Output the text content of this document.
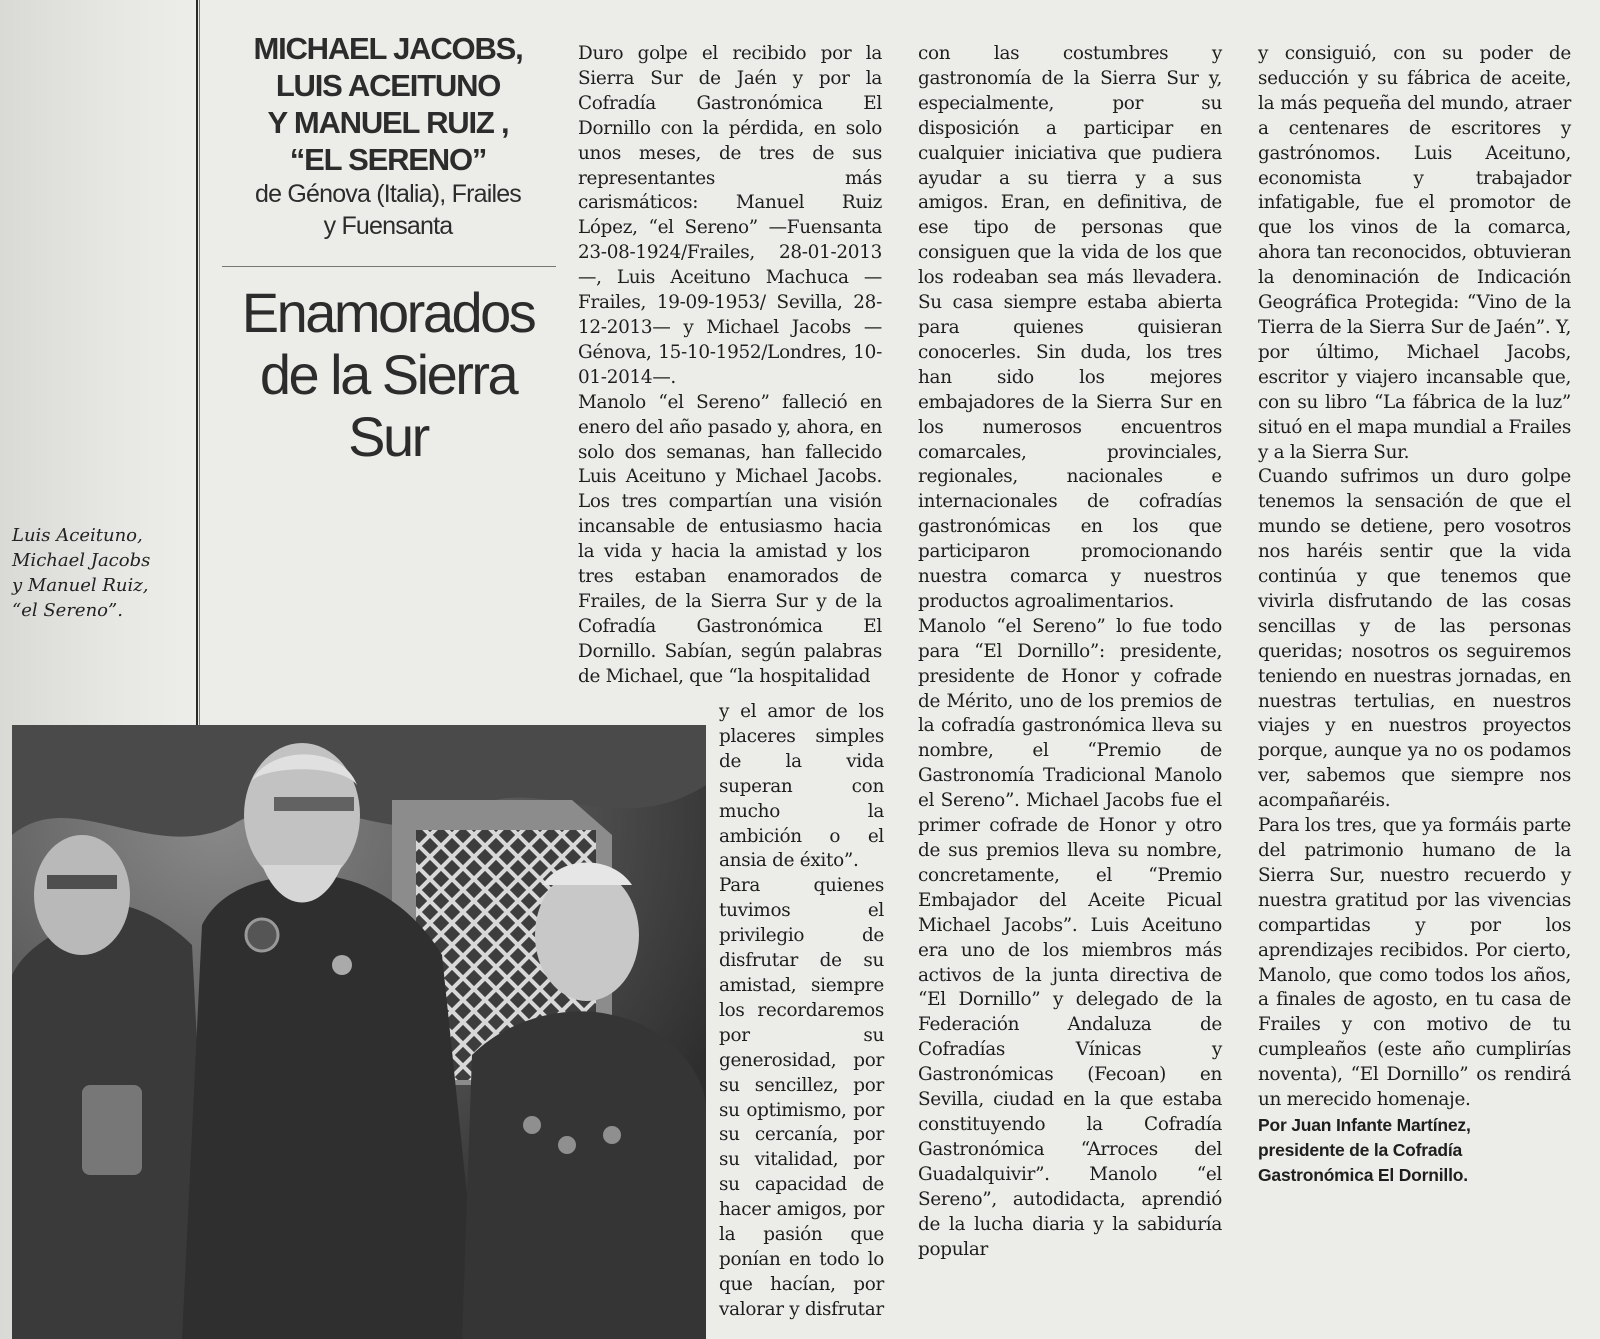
MICHAEL JACOBS,
LUIS ACEITUNO
Y MANUEL RUIZ ,
“EL SERENO”
de Génova (Italia), Frailes
y Fuensanta
Enamorados
de la Sierra
Sur
Luis Aceituno,
Michael Jacobs
y Manuel Ruiz,
“el Sereno”.

Duro golpe el recibido por la Sierra Sur de Jaén y por la Cofradía Gastronómica El Dornillo con la pérdida, en solo unos meses, de tres de sus representantes más carismáticos: Manuel Ruiz López, “el Sereno” —Fuensanta 23-08-1924/Frailes, 28-01-2013—, Luis Aceituno Machuca —Frailes, 19-09-1953/ Sevilla, 28-12-2013— y Michael Jacobs —Génova, 15-10-1952/Londres, 10-01-2014—.

Manolo “el Sereno” falleció en enero del año pasado y, ahora, en solo dos semanas, han fallecido Luis Aceituno y Michael Jacobs. Los tres compartían una visión incansable de entusiasmo hacia la vida y hacia la amistad y los tres estaban enamorados de Frailes, de la Sierra Sur y de la Cofradía Gastronómica El Dornillo. Sabían, según palabras de Michael, que “la hospitalidad

y el amor de los placeres simples de la vida superan con mucho la ambición o el ansia de éxito”.

Para quienes tuvimos el privilegio de disfrutar de su amistad, siempre los recordaremos por su generosidad, por su sencillez, por su optimismo, por su cercanía, por su vitalidad, por su capacidad de hacer amigos, por la pasión que ponían en todo lo que hacían, por valorar y disfrutar

con las costumbres y gastronomía de la Sierra Sur y, especialmente, por su disposición a participar en cualquier iniciativa que pudiera ayudar a su tierra y a sus amigos. Eran, en definitiva, de ese tipo de personas que consiguen que la vida de los que los rodeaban sea más llevadera. Su casa siempre estaba abierta para quienes quisieran conocerles. Sin duda, los tres han sido los mejores embajadores de la Sierra Sur en los numerosos encuentros comarcales, provinciales, regionales, nacionales e internacionales de cofradías gastronómicas en los que participaron promocionando nuestra comarca y nuestros productos agroalimentarios.

Manolo “el Sereno” lo fue todo para “El Dornillo”: presidente, presidente de Honor y cofrade de Mérito, uno de los premios de la cofradía gastronómica lleva su nombre, el “Premio de Gastronomía Tradicional Manolo el Sereno”. Michael Jacobs fue el primer cofrade de Honor y otro de sus premios lleva su nombre, concretamente, el “Premio Embajador del Aceite Picual Michael Jacobs”. Luis Aceituno era uno de los miembros más activos de la junta directiva de “El Dornillo” y delegado de la Federación Andaluza de Cofradías Vínicas y Gastronómicas (Fecoan) en Sevilla, ciudad en la que estaba constituyendo la Cofradía Gastronómica “Arroces del Guadalquivir”. Manolo “el Sereno”, autodidacta, aprendió de la lucha diaria y la sabiduría popular

y consiguió, con su poder de seducción y su fábrica de aceite, la más pequeña del mundo, atraer a centenares de escritores y gastrónomos. Luis Aceituno, economista y trabajador infatigable, fue el promotor de que los vinos de la comarca, ahora tan reconocidos, obtuvieran la denominación de Indicación Geográfica Protegida: “Vino de la Tierra de la Sierra Sur de Jaén”. Y, por último, Michael Jacobs, escritor y viajero incansable que, con su libro “La fábrica de la luz” situó en el mapa mundial a Frailes y a la Sierra Sur.

Cuando sufrimos un duro golpe tenemos la sensación de que el mundo se detiene, pero vosotros nos haréis sentir que la vida continúa y que tenemos que vivirla disfrutando de las cosas sencillas y de las personas queridas; nosotros os seguiremos teniendo en nuestras jornadas, en nuestras tertulias, en nuestros viajes y en nuestros proyectos porque, aunque ya no os podamos ver, sabemos que siempre nos acompañaréis.

Para los tres, que ya formáis parte del patrimonio humano de la Sierra Sur, nuestro recuerdo y nuestra gratitud por las vivencias compartidas y por los aprendizajes recibidos. Por cierto, Manolo, que como todos los años, a finales de agosto, en tu casa de Frailes y con motivo de tu cumpleaños (este año cumplirías noventa), “El Dornillo” os rendirá un merecido homenaje.

Por Juan Infante Martínez,
presidente de la Cofradía
Gastronómica El Dornillo.
